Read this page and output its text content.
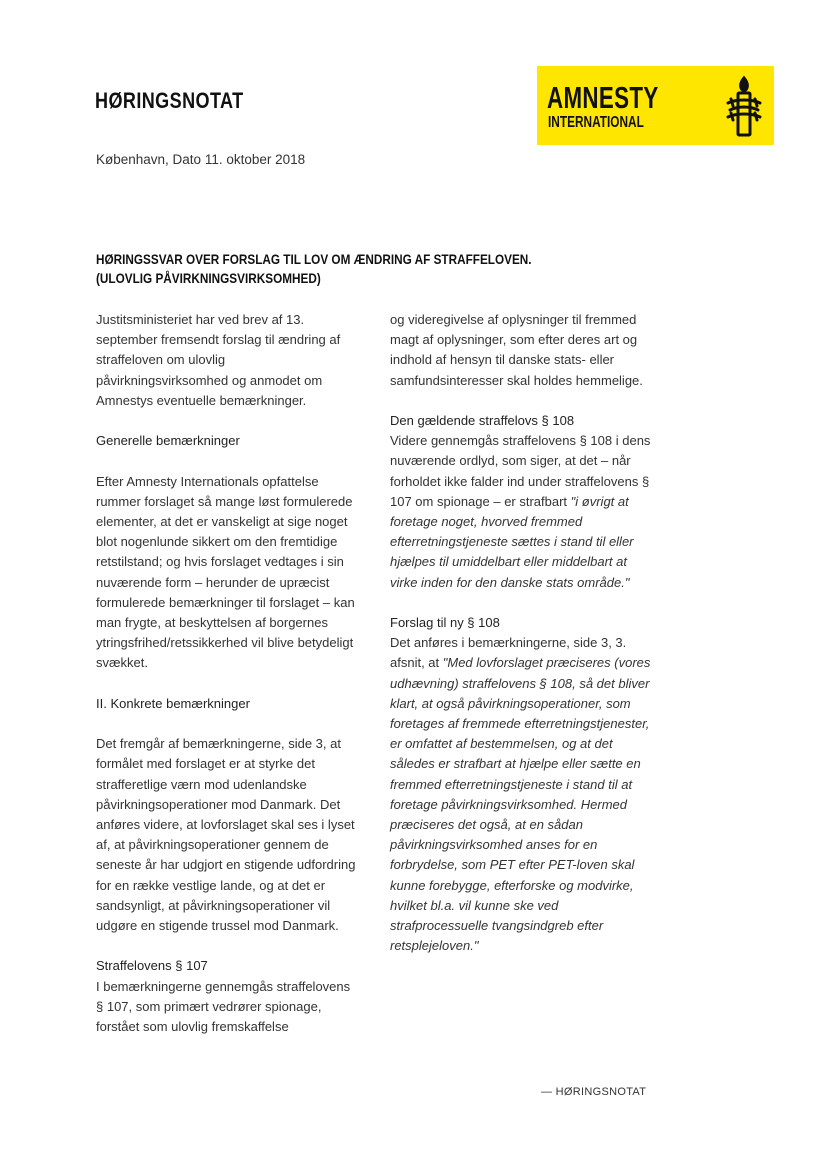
HØRINGSNOTAT	AMNESTY
INTERNATIONAL
København, Dato 11. oktober 2018
HØRINGSSVAR OVER FORSLAG TIL LOV OM ÆNDRING AF STRAFFELOVEN.
(ULOVLIG PÅVIRKNINGSVIRKSOMHED)

Justitsministeriet har ved brev af 13. september fremsendt forslag til ændring af straffeloven om ulovlig påvirkningsvirksomhed og anmodet om Amnestys eventuelle bemærkninger.

Generelle bemærkninger

Efter Amnesty Internationals opfattelse rummer forslaget så mange løst formulerede elementer, at det er vanskeligt at sige noget blot nogenlunde sikkert om den fremtidige retstilstand; og hvis forslaget vedtages i sin nuværende form – herunder de upræcist formulerede bemærkninger til forslaget – kan man frygte, at beskyttelsen af borgernes ytringsfrihed/retssikkerhed vil blive betydeligt svækket.

II. Konkrete bemærkninger

Det fremgår af bemærkningerne, side 3, at formålet med forslaget er at styrke det strafferetlige værn mod udenlandske påvirkningsoperationer mod Danmark. Det anføres videre, at lovforslaget skal ses i lyset af, at påvirkningsoperationer gennem de seneste år har udgjort en stigende udfordring for en række vestlige lande, og at det er sandsynligt, at påvirkningsoperationer vil udgøre en stigende trussel mod Danmark.

Straffelovens § 107

I bemærkningerne gennemgås straffelovens § 107, som primært vedrører spionage, forstået som ulovlig fremskaffelse

og videregivelse af oplysninger til fremmed magt af oplysninger, som efter deres art og indhold af hensyn til danske stats- eller samfundsinteresser skal holdes hemmelige.

Den gældende straffelovs § 108

Videre gennemgås straffelovens § 108 i dens nuværende ordlyd, som siger, at det – når forholdet ikke falder ind under straffelovens § 107 om spionage – er strafbart "i øvrigt at foretage noget, hvorved fremmed efterretningstjeneste sættes i stand til eller hjælpes til umiddelbart eller middelbart at virke inden for den danske stats område."

Forslag til ny § 108

Det anføres i bemærkningerne, side 3, 3. afsnit, at "Med lovforslaget præciseres (vores udhævning) straffelovens § 108, så det bliver klart, at også påvirkningsoperationer, som foretages af fremmede efterretningstjenester, er omfattet af bestemmelsen, og at det således er strafbart at hjælpe eller sætte en fremmed efterretningstjeneste i stand til at foretage påvirkningsvirksomhed. Hermed præciseres det også, at en sådan påvirkningsvirksomhed anses for en forbrydelse, som PET efter PET-loven skal kunne forebygge, efterforske og modvirke, hvilket bl.a. vil kunne ske ved strafprocessuelle tvangsindgreb efter retsplejeloven."

— HØRINGSNOTAT
